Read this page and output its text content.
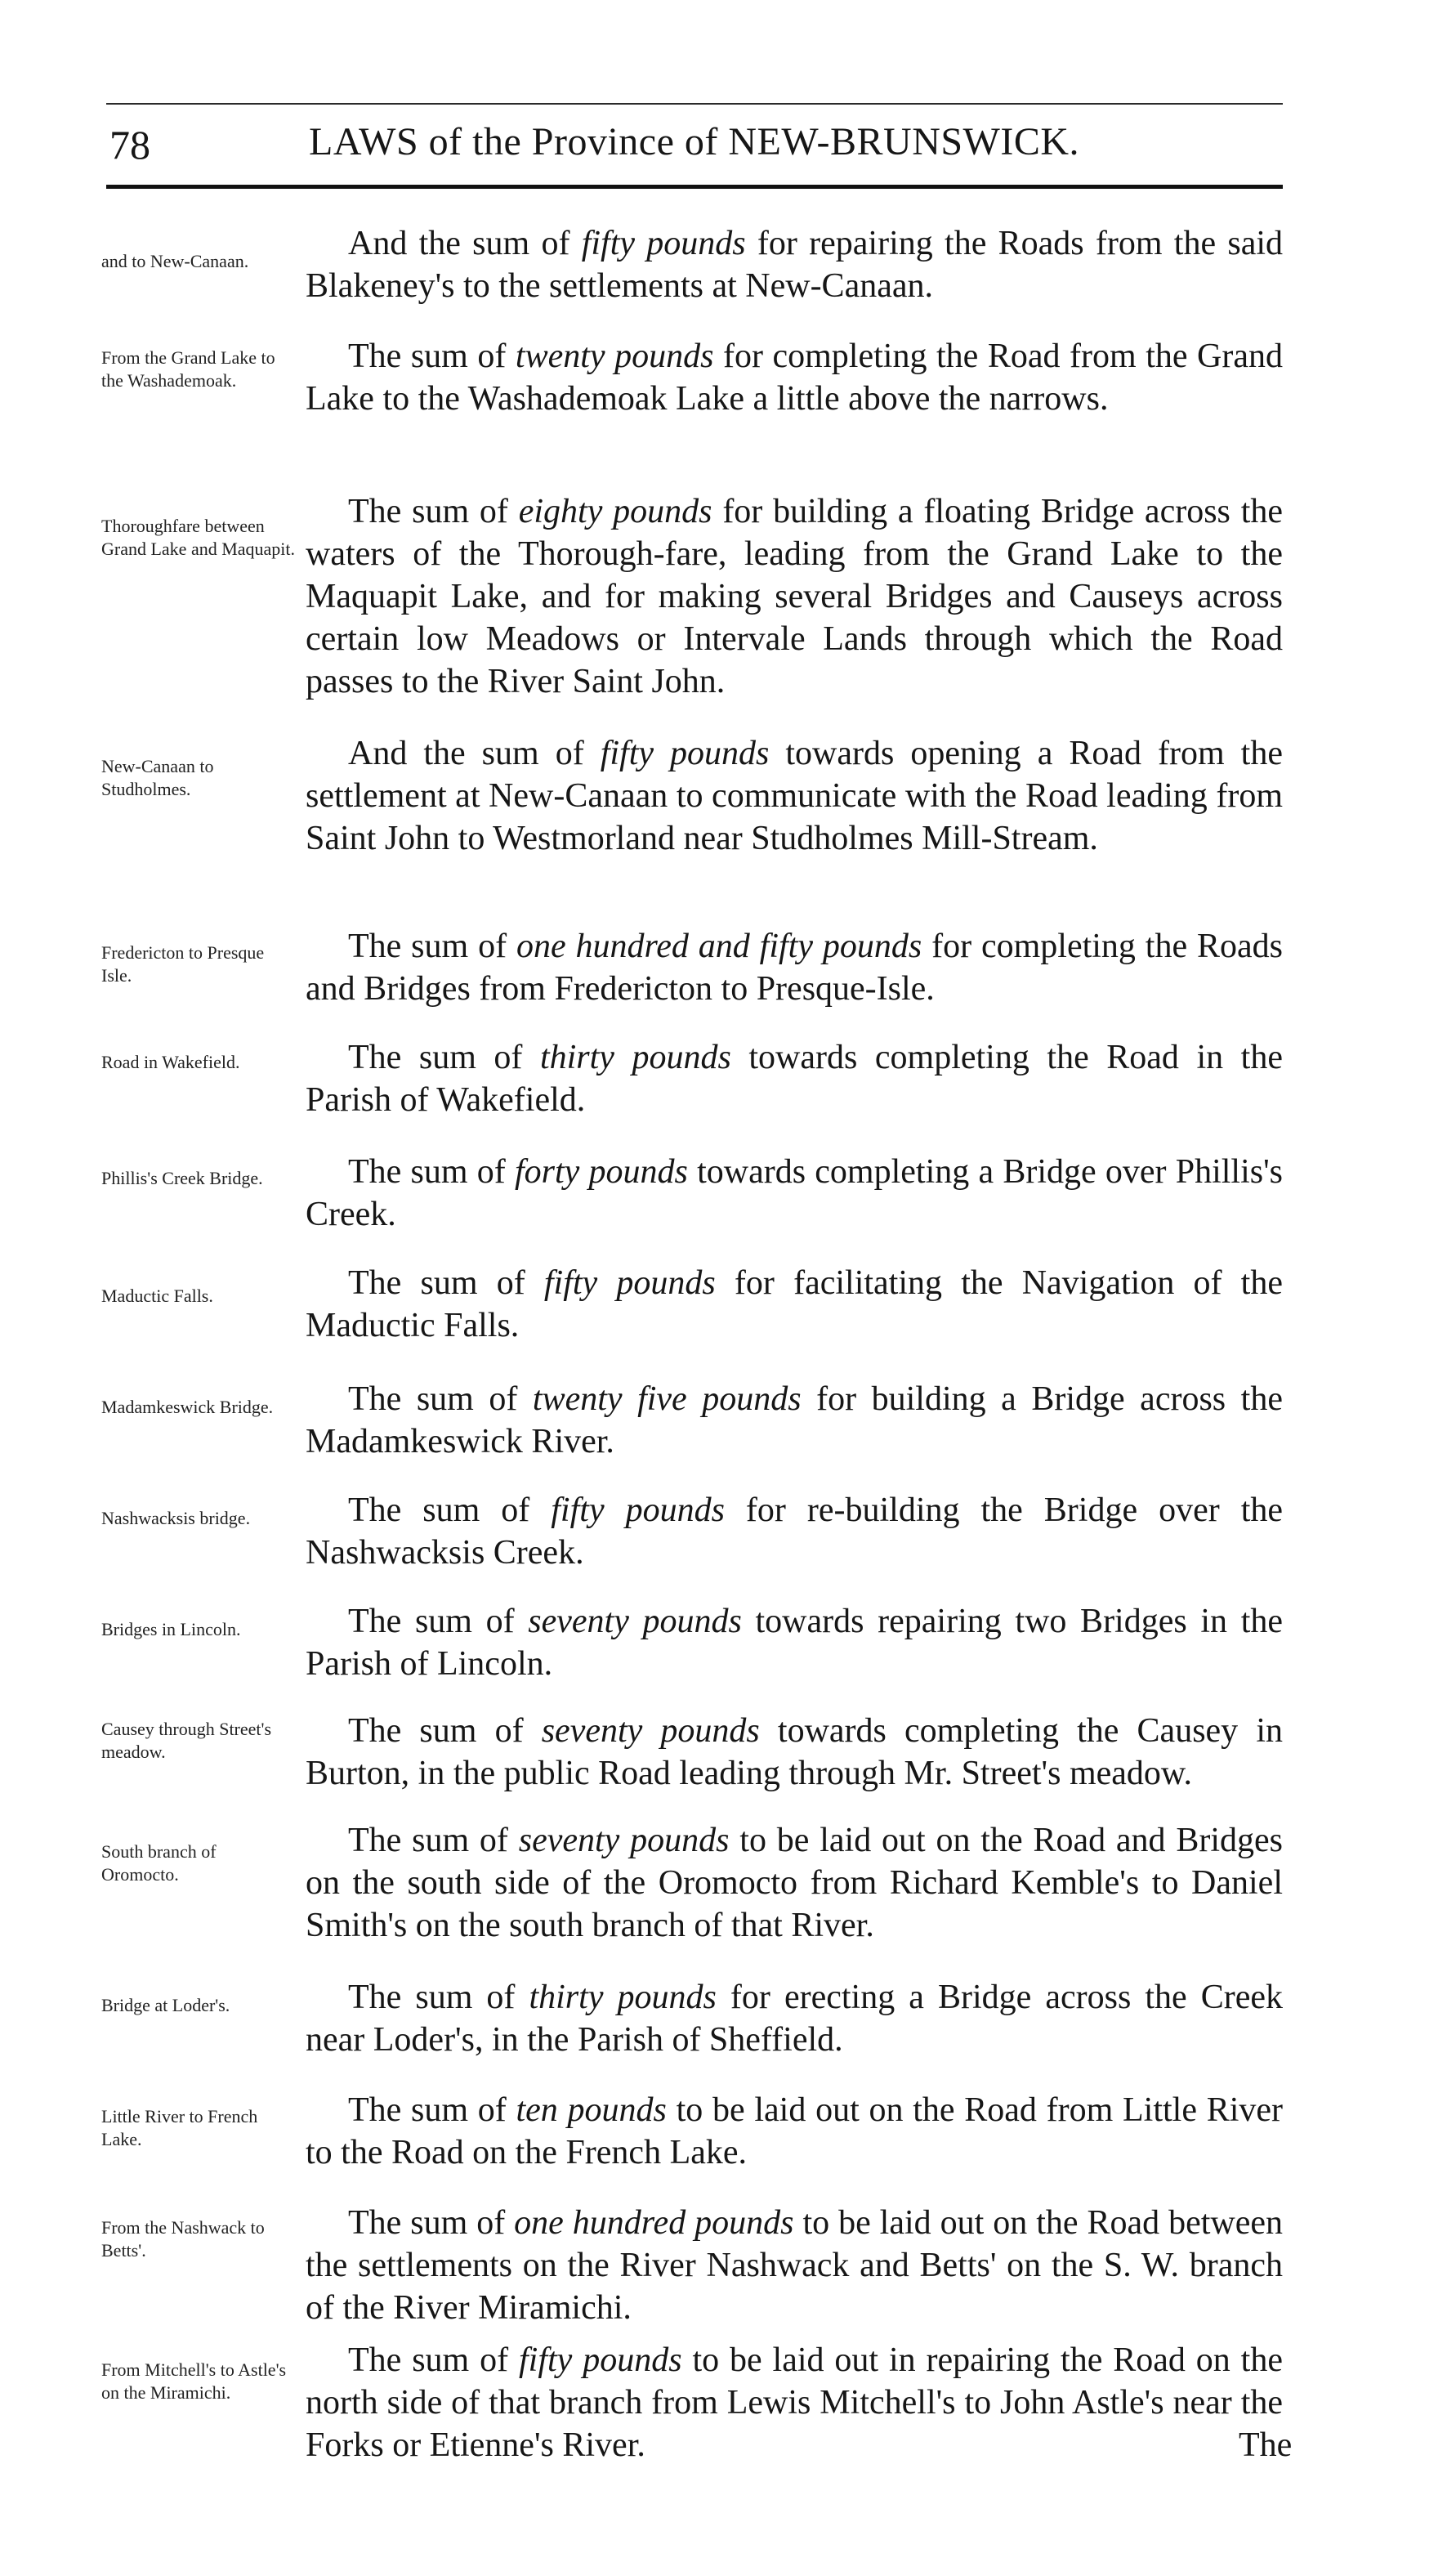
78	LAWS of the Province of NEW-BRUNSWICK.
and to New-Canaan.	And the sum of fifty pounds for repairing the Roads from the said Blakeney's to the settlements at New-Canaan.

From the Grand Lake to the Washademoak.

The sum of twenty pounds for completing the Road from the Grand Lake to the Washademoak Lake a little above the narrows.

Thoroughfare between Grand Lake and Maquapit.

The sum of eighty pounds for building a floating Bridge across the waters of the Thorough-fare, leading from the Grand Lake to the Maquapit Lake, and for making several Bridges and Causeys across certain low Meadows or Intervale Lands through which the Road passes to the River Saint John.

New-Canaan to Studholmes.

And the sum of fifty pounds towards opening a Road from the settlement at New-Canaan to communicate with the Road leading from Saint John to Westmorland near Studholmes Mill-Stream.

Fredericton to Presque Isle.

The sum of one hundred and fifty pounds for completing the Roads and Bridges from Fredericton to Presque-Isle.

Road in Wakefield.	The sum of thirty pounds towards completing the Road in the Parish of Wakefield.

Phillis's Creek Bridge.	The sum of forty pounds towards completing a Bridge over Phillis's Creek.

Maductic Falls.	The sum of fifty pounds for facilitating the Navigation of the Maductic Falls.

Madamkeswick Bridge.	The sum of twenty five pounds for building a Bridge across the Madamkeswick River.

Nashwacksis bridge.	The sum of fifty pounds for re-building the Bridge over the Nashwacksis Creek.

Bridges in Lincoln.	The sum of seventy pounds towards repairing two Bridges in the Parish of Lincoln.

Causey through Street's meadow.

The sum of seventy pounds towards completing the Causey in Burton, in the public Road leading through Mr. Street's meadow.

South branch of Oromocto.

The sum of seventy pounds to be laid out on the Road and Bridges on the south side of the Oromocto from Richard Kemble's to Daniel Smith's on the south branch of that River.

Bridge at Loder's.	The sum of thirty pounds for erecting a Bridge across the Creek near Loder's, in the Parish of Sheffield.

Little River to French Lake.

The sum of ten pounds to be laid out on the Road from Little River to the Road on the French Lake.

From the Nashwack to Betts'.

The sum of one hundred pounds to be laid out on the Road between the settlements on the River Nashwack and Betts' on the S. W. branch of the River Miramichi.

From Mitchell's to Astle's on the Miramichi.

The sum of fifty pounds to be laid out in repairing the Road on the north side of that branch from Lewis Mitchell's to John Astle's near the Forks or Etienne's River.	The
